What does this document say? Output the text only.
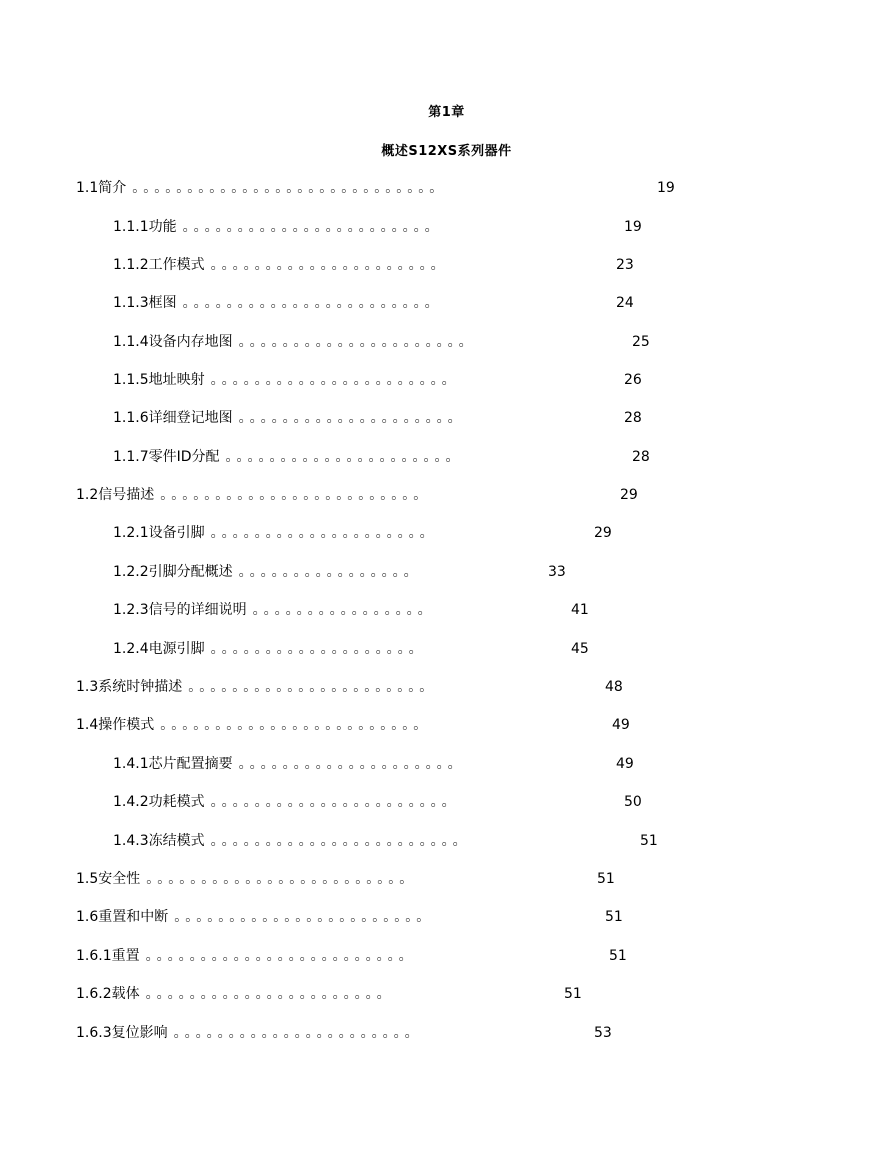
第1章
概述S12XS系列器件
1.1简介	19
。。。。。。。。。。。。。。。。。。。。。。。。。。。。
1.1.1功能	19
。。。。。。。。。。。。。。。。。。。。。。。
1.1.2工作模式	23
。。。。。。。。。。。。。。。。。。。。。
1.1.3框图	24
。。。。。。。。。。。。。。。。。。。。。。。
1.1.4设备内存地图	25
。。。。。。。。。。。。。。。。。。。。。
1.1.5地址映射	26
。。。。。。。。。。。。。。。。。。。。。。
1.1.6详细登记地图	28
。。。。。。。。。。。。。。。。。。。。
1.1.7零件ID分配	28
。。。。。。。。。。。。。。。。。。。。。
1.2信号描述	29
。。。。。。。。。。。。。。。。。。。。。。。。
1.2.1设备引脚	29
。。。。。。。。。。。。。。。。。。。。
1.2.2引脚分配概述	33
。。。。。。。。。。。。。。。。
1.2.3信号的详细说明	41
。。。。。。。。。。。。。。。。
1.2.4电源引脚	45
。。。。。。。。。。。。。。。。。。。
1.3系统时钟描述	48
。。。。。。。。。。。。。。。。。。。。。。
1.4操作模式	49
。。。。。。。。。。。。。。。。。。。。。。。。
1.4.1芯片配置摘要	49
。。。。。。。。。。。。。。。。。。。。
1.4.2功耗模式	50
。。。。。。。。。。。。。。。。。。。。。。
1.4.3冻结模式	51
。。。。。。。。。。。。。。。。。。。。。。。
1.5安全性	51
。。。。。。。。。。。。。。。。。。。。。。。。
1.6重置和中断	51
。。。。。。。。。。。。。。。。。。。。。。。
1.6.1重置	51
。。。。。。。。。。。。。。。。。。。。。。。。
1.6.2载体	51
。。。。。。。。。。。。。。。。。。。。。。
1.6.3复位影响	53
。。。。。。。。。。。。。。。。。。。。。。
